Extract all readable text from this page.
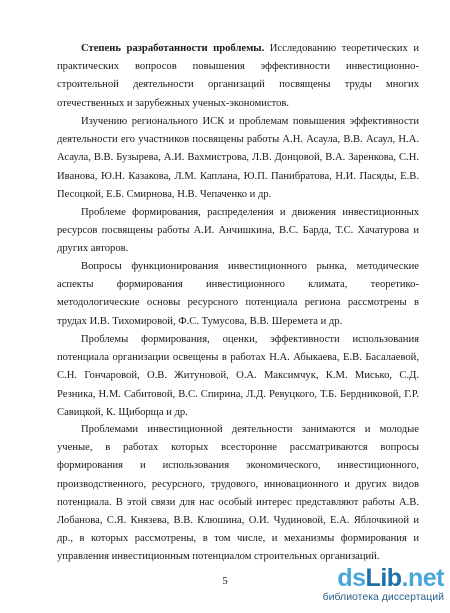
Степень разработанности проблемы. Исследованию теоретических и практических вопросов повышения эффективности инвестиционно-строительной деятельности организаций посвящены труды многих отечественных и зарубежных ученых-экономистов.

Изучению регионального ИСК и проблемам повышения эффективности деятельности его участников посвящены работы А.Н. Асаула, В.В. Асаул, Н.А. Асаула, В.В. Бузырева, А.И. Вахмистрова, Л.В. Донцовой, В.А. Заренкова, С.Н. Иванова, Ю.Н. Казакова, Л.М. Каплана, Ю.П. Панибратова, Н.И. Пасяды, Е.В. Песоцкой, Е.Б. Смирнова, Н.В. Чепаченко и др.

Проблеме формирования, распределения и движения инвестиционных ресурсов посвящены работы А.И. Анчишкина, В.С. Барда, Т.С. Хачатурова и других авторов.

Вопросы функционирования инвестиционного рынка, методические аспекты формирования инвестиционного климата, теоретико-методологические основы ресурсного потенциала региона рассмотрены в трудах И.В. Тихомировой, Ф.С. Тумусова, В.В. Шеремета и др.

Проблемы формирования, оценки, эффективности использования потенциала организации освещены в работах Н.А. Абыкаева, Е.В. Басалаевой, С.Н. Гончаровой, О.В. Житуновой, О.А. Максимчук, К.М. Мисько, С.Д. Резника, Н.М. Сабитовой, В.С. Спирина, Л.Д. Ревуцкого, Т.Б. Бердниковой, Г.Р. Савицкой, К. Щиборща и др.

Проблемами инвестиционной деятельности занимаются и молодые ученые, в работах которых всесторонне рассматриваются вопросы формирования и использования экономического, инвестиционного, производственного, ресурсного, трудового, инновационного и других видов потенциала. В этой связи для нас особый интерес представляют работы А.В. Лобанова, С.Я. Князева, В.В. Клюшина, О.И. Чудиновой, Е.А. Яблочкиной и др., в которых рассмотрены, в том числе, и механизмы формирования и управления инвестиционным потенциалом строительных организаций.

5	dsLib.net
библиотека диссертаций
